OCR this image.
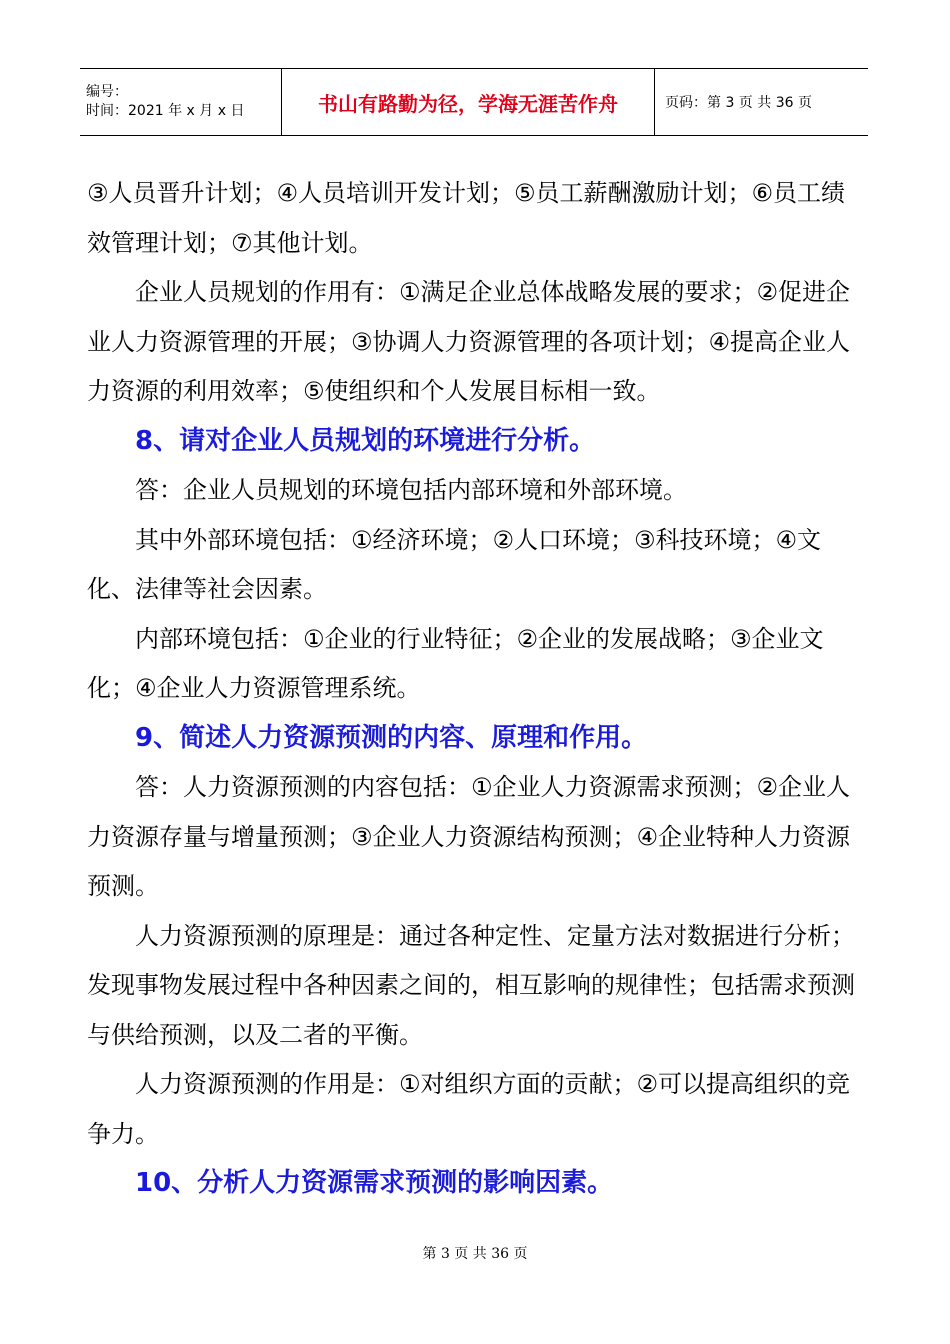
编号：
时间：2021 年 x 月 x 日	书山有路勤为径，学海无涯苦作舟	页码：第 3 页 共 36 页

③人员晋升计划；④人员培训开发计划；⑤员工薪酬激励计划；⑥员工绩效管理计划；⑦其他计划。

企业人员规划的作用有：①满足企业总体战略发展的要求；②促进企业人力资源管理的开展；③协调人力资源管理的各项计划；④提高企业人力资源的利用效率；⑤使组织和个人发展目标相一致。

8、请对企业人员规划的环境进行分析。

答：企业人员规划的环境包括内部环境和外部环境。

其中外部环境包括：①经济环境；②人口环境；③科技环境；④文化、法律等社会因素。

内部环境包括：①企业的行业特征；②企业的发展战略；③企业文化；④企业人力资源管理系统。

9、简述人力资源预测的内容、原理和作用。

答：人力资源预测的内容包括：①企业人力资源需求预测；②企业人力资源存量与增量预测；③企业人力资源结构预测；④企业特种人力资源预测。

人力资源预测的原理是：通过各种定性、定量方法对数据进行分析；发现事物发展过程中各种因素之间的，相互影响的规律性；包括需求预测与供给预测，以及二者的平衡。

人力资源预测的作用是：①对组织方面的贡献；②可以提高组织的竞争力。

10、分析人力资源需求预测的影响因素。

第 3 页 共 36 页
